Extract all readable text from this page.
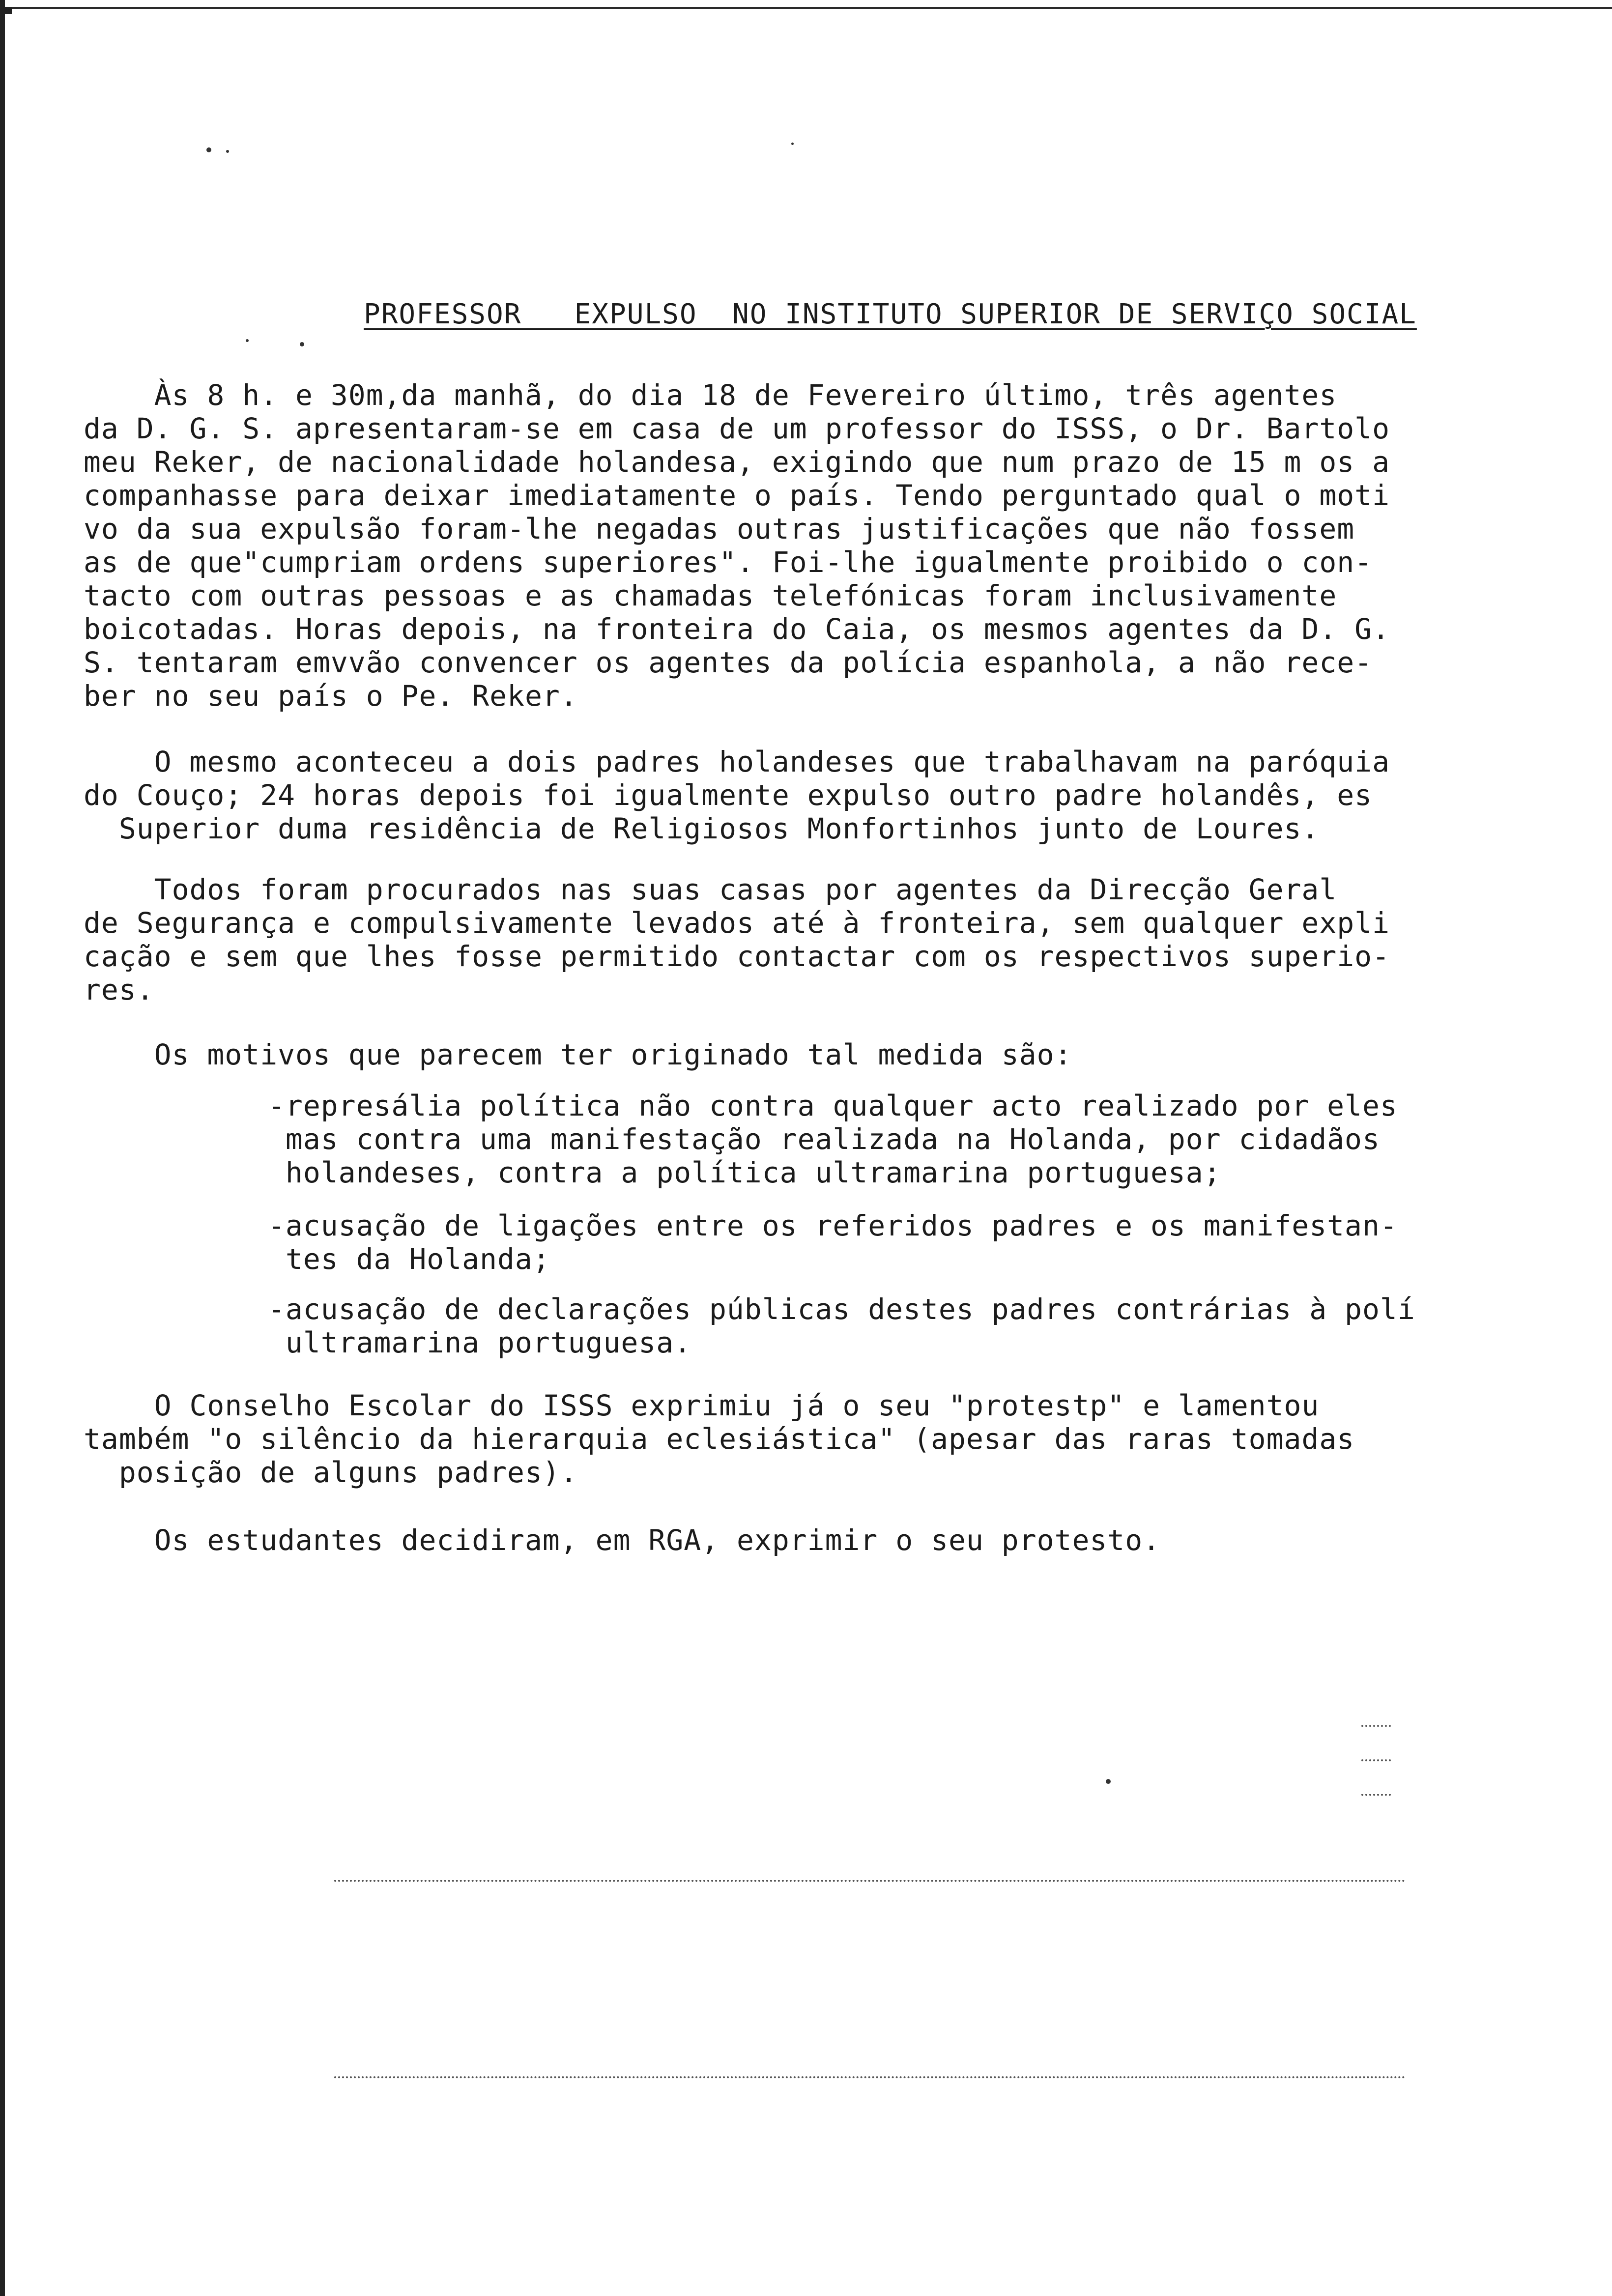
PROFESSOR   EXPULSO  NO INSTITUTO SUPERIOR DE SERVIÇO SOCIAL
Às 8 h. e 30m,da manhã, do dia 18 de Fevereiro último, três agentes
da D. G. S. apresentaram-se em casa de um professor do ISSS, o Dr. Bartolo
meu Reker, de nacionalidade holandesa, exigindo que num prazo de 15 m os a
companhasse para deixar imediatamente o país. Tendo perguntado qual o moti
vo da sua expulsão foram-lhe negadas outras justificações que não fossem
as de que"cumpriam ordens superiores". Foi-lhe igualmente proibido o con-
tacto com outras pessoas e as chamadas telefónicas foram inclusivamente
boicotadas. Horas depois, na fronteira do Caia, os mesmos agentes da D. G.
S. tentaram emvvão convencer os agentes da polícia espanhola, a não rece-
ber no seu país o Pe. Reker.
O mesmo aconteceu a dois padres holandeses que trabalhavam na paróquia
do Couço; 24 horas depois foi igualmente expulso outro padre holandês, es
Superior duma residência de Religiosos Monfortinhos junto de Loures.
Todos foram procurados nas suas casas por agentes da Direcção Geral
de Segurança e compulsivamente levados até à fronteira, sem qualquer expli
cação e sem que lhes fosse permitido contactar com os respectivos superio-
res.
Os motivos que parecem ter originado tal medida são:
-represália política não contra qualquer acto realizado por eles
mas contra uma manifestação realizada na Holanda, por cidadãos
holandeses, contra a política ultramarina portuguesa;
-acusação de ligações entre os referidos padres e os manifestan-
tes da Holanda;
-acusação de declarações públicas destes padres contrárias à polí
ultramarina portuguesa.
O Conselho Escolar do ISSS exprimiu já o seu "protestp" e lamentou
também "o silêncio da hierarquia eclesiástica" (apesar das raras tomadas
posição de alguns padres).
Os estudantes decidiram, em RGA, exprimir o seu protesto.
